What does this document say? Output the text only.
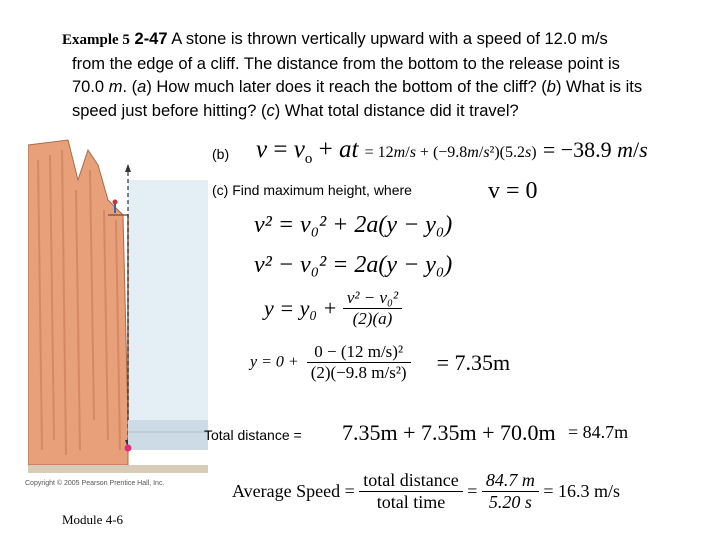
Example 5 2-47 A stone is thrown vertically upward with a speed of 12.0 m/s
from the edge of a cliff. The distance from the bottom to the release point is
70.0 m. (a) How much later does it reach the bottom of the cliff? (b) What is its
speed just before hitting? (c) What total distance did it travel?
Copyright © 2005 Pearson Prentice Hall, Inc.
(b) $v = v_o$ + at = 12m/s + (−9.8m/s²)(5.2s) = −38.9 m/s
(c) Find maximum height, where	v = 0
v² = v₀² + 2a(y − y₀)
v² − v₀² = 2a(y − y₀)
$y = y_0 + \frac{\text{v² − v₀²}}{(2)(a)}$
$y = 0 + \frac{\text{0 − (12 m/s)²}}{\text{(2)(−9.8 m/s²)}} = 7.35m$
Total distance = 7.35m + 7.35m + 70.0m = 84.7m
Average Speed = $\frac{\text{total distance}}{\text{total time}} = \frac{84.7 m}{5.20 s} = 16.3$ m/s
Module 4-6
